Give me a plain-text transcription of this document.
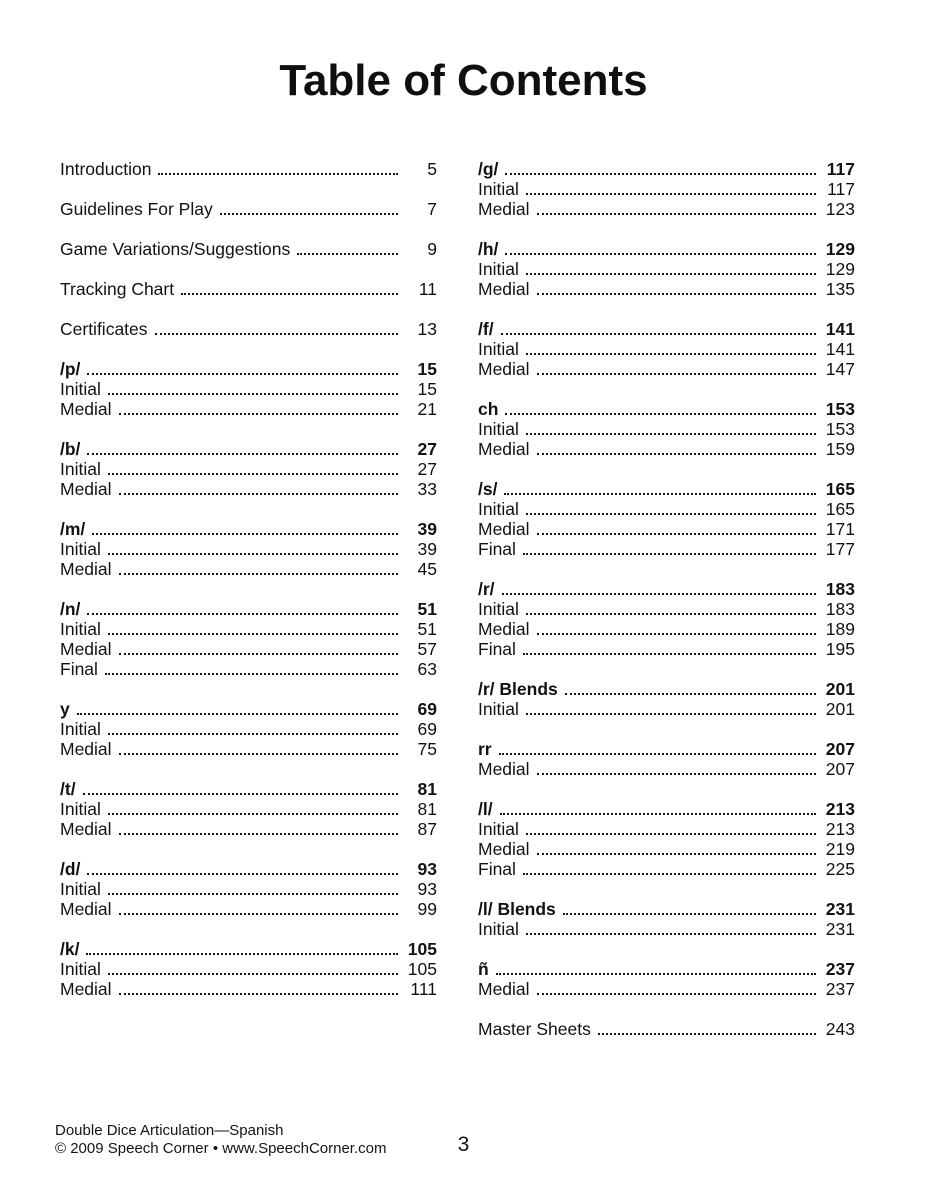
Table of Contents
Introduction	5
Guidelines For Play	7
Game Variations/Suggestions	9
Tracking Chart	11
Certificates	13
/p/	15
Initial	15
Medial	21
/b/	27
Initial	27
Medial	33
/m/	39
Initial	39
Medial	45
/n/	51
Initial	51
Medial	57
Final	63
y	69
Initial	69
Medial	75
/t/	81
Initial	81
Medial	87
/d/	93
Initial	93
Medial	99
/k/	105
Initial	105
Medial	111
/g/	117
Initial	117
Medial	123
/h/	129
Initial	129
Medial	135
/f/	141
Initial	141
Medial	147
ch	153
Initial	153
Medial	159
/s/	165
Initial	165
Medial	171
Final	177
/r/	183
Initial	183
Medial	189
Final	195
/r/ Blends	201
Initial	201
rr	207
Medial	207
/l/	213
Initial	213
Medial	219
Final	225
/l/ Blends	231
Initial	231
ñ	237
Medial	237
Master Sheets	243
Double Dice Articulation—Spanish
© 2009 Speech Corner • www.SpeechCorner.com	3
